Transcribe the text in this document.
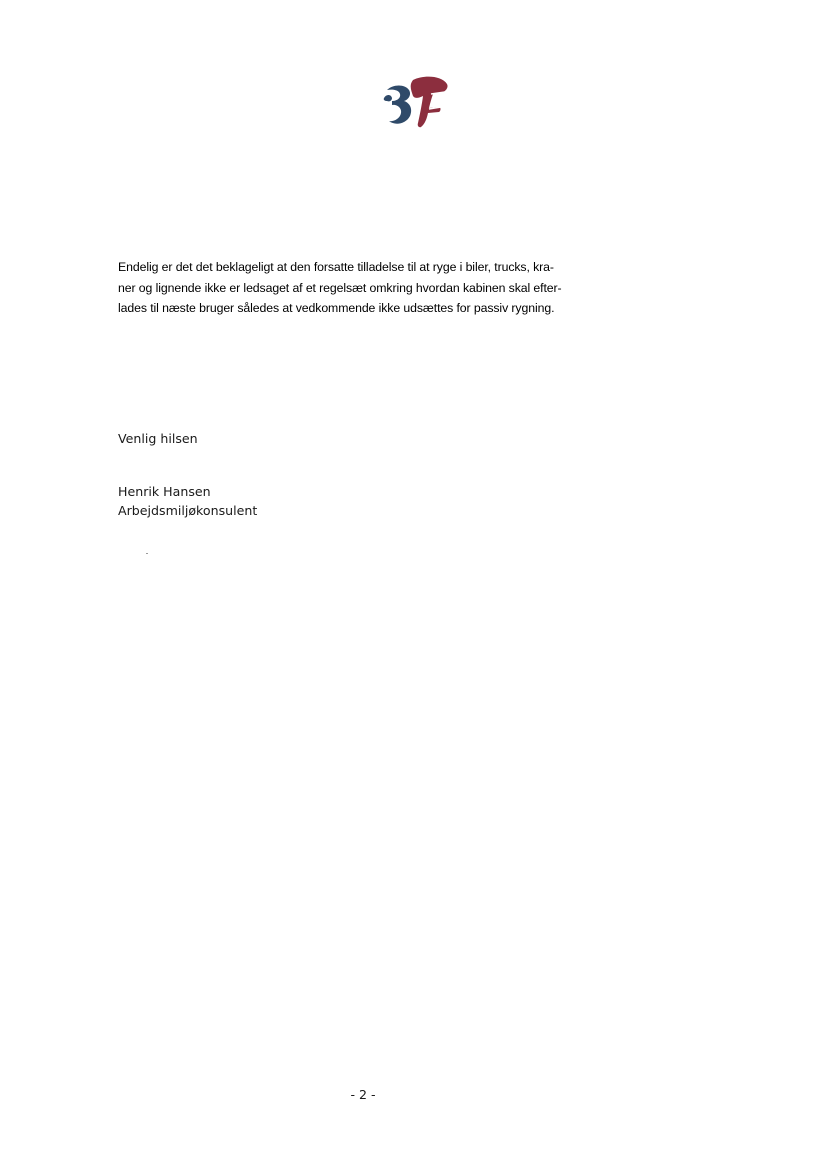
Endelig er det det beklageligt at den forsatte tilladelse til at ryge i biler, trucks, kra-
ner og lignende ikke er ledsaget af et regelsæt omkring hvordan kabinen skal efter-
lades til næste bruger således at vedkommende ikke udsættes for passiv rygning.

Venlig hilsen

Henrik Hansen
Arbejdsmiljøkonsulent
- 2 -
